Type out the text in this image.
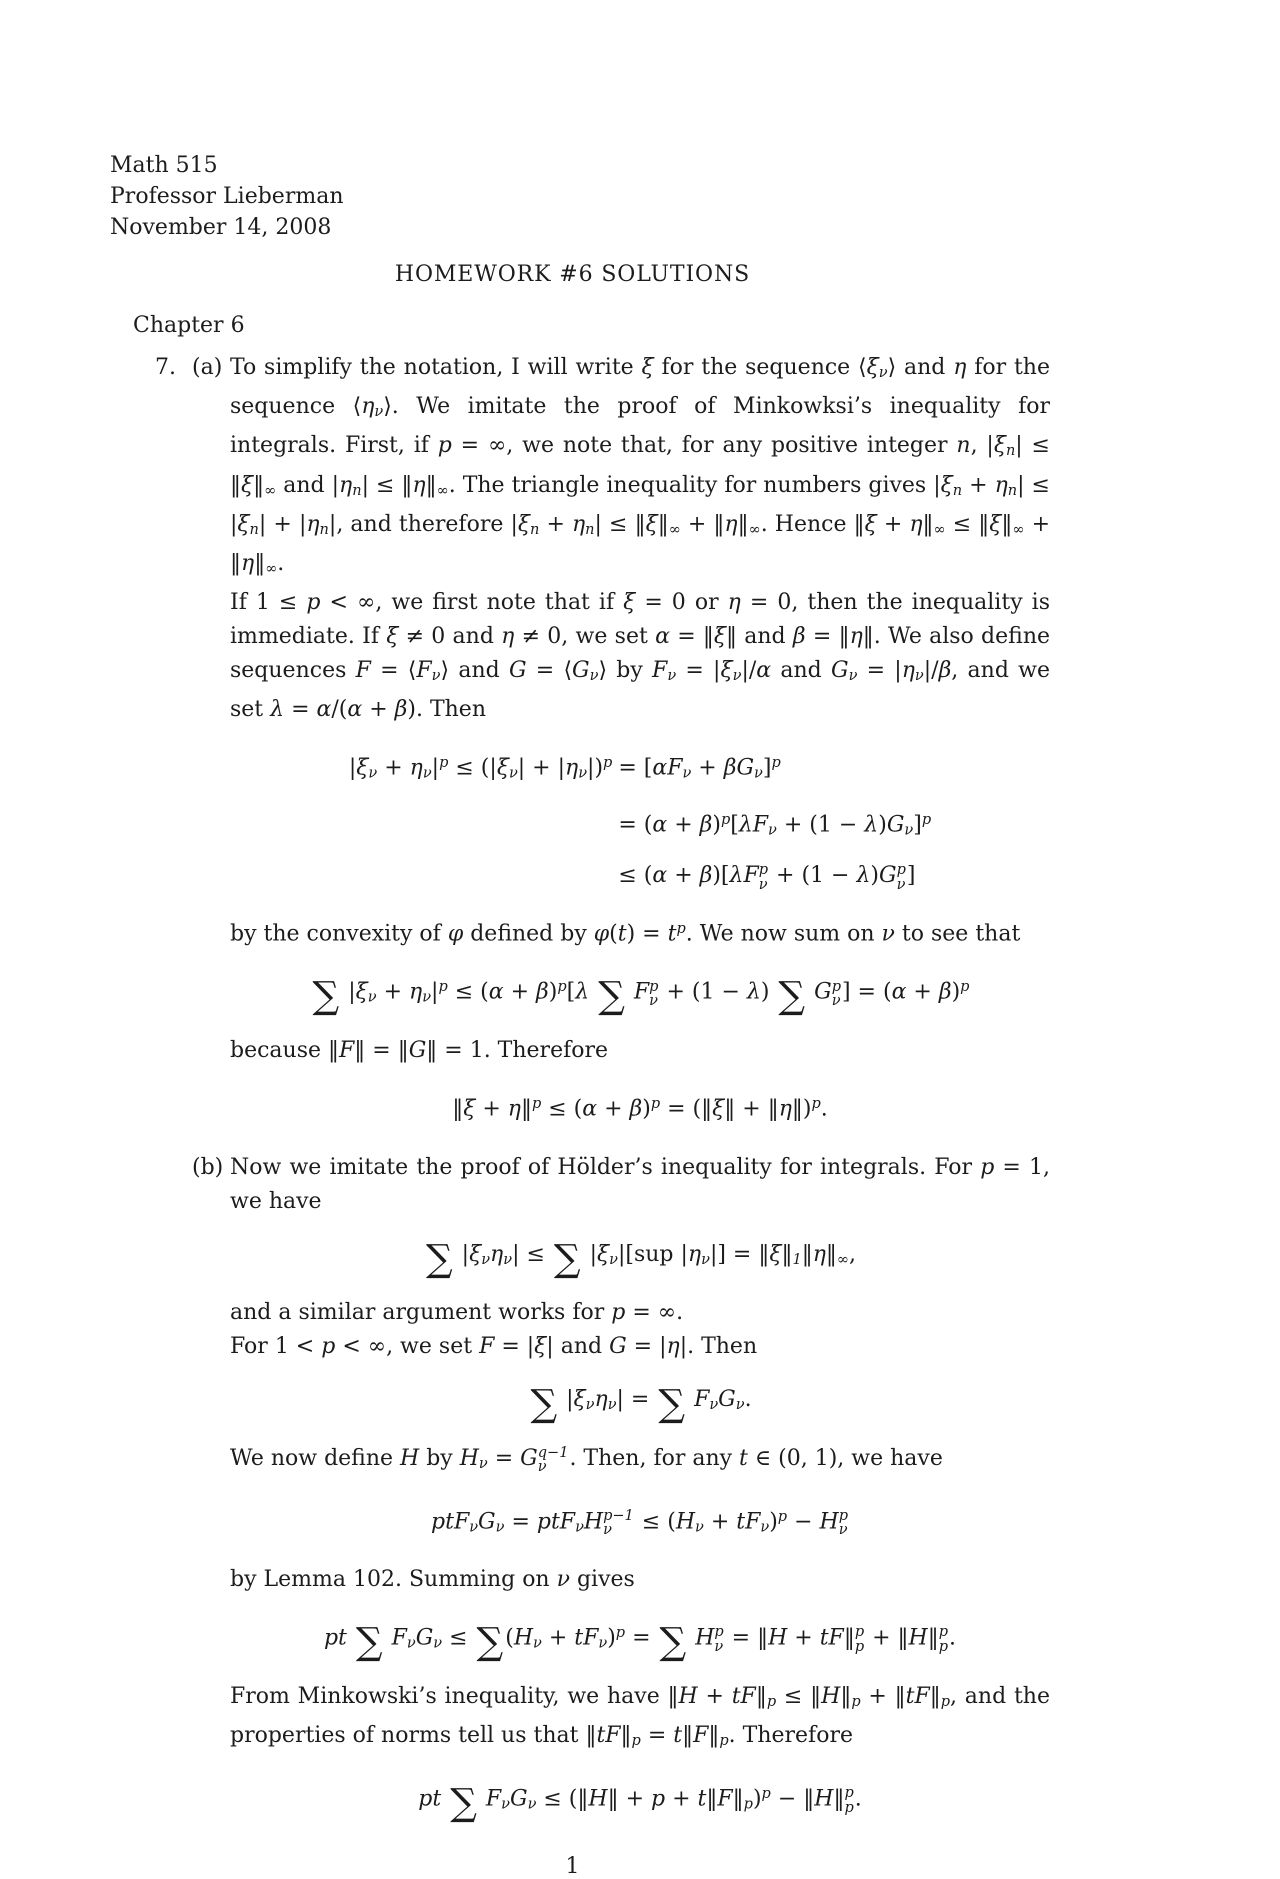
Math 515
Professor Lieberman
November 14, 2008
HOMEWORK #6 SOLUTIONS
Chapter 6
7. (a) To simplify the notation, I will write ξ for the sequence $⟨\xi_\nu⟩$ and η for the sequence $⟨\eta_\nu⟩$. We imitate the proof of Minkowksi’s inequality for integrals. First, if p = ∞, we note that, for any positive integer n, $|\xi_n|$ ≤ $‖\xi‖_\infty$ and $|\eta_n|$ ≤ $‖\eta‖_\infty$. The triangle inequality for numbers gives $|\xi_n + \eta_n| \le |\xi_n| + |\eta_n|$, and therefore $|\xi_n + \eta_n|$ ≤ $‖\xi‖_\infty$ + $‖\eta‖_\infty$. Hence ‖ξ + $\eta‖_\infty$ ≤ $‖\xi‖_\infty$ + $‖\eta‖_\infty$.
If 1 ≤ p < ∞, we first note that if ξ = 0 or η = 0, then the inequality is immediate. If ξ ≠ 0 and η ≠ 0, we set α = ‖ξ‖ and β = ‖η‖. We also define sequences $F = ⟨F_\nu⟩$ and $G = ⟨G_\nu⟩$ by $F_\nu = |\xi_\nu|/\alpha$ and $G_\nu = |\eta_\nu|/\beta$, and we set λ = α/(α + β). Then
$|\xi_\nu + \eta_\nu|^p \le (|\xi_\nu| + |\eta_\nu|)^p = [\alpha F_\nu + \beta G_\nu]^p$
= $(\alpha + \beta)^p[\lambda F_\nu + (1 - \lambda)G_\nu]^p$
≤ (α + β)[λF p
ν + (1 − λ)G p
ν ]
by the convexity of φ defined by $\varphi(t) = t^p$. We now sum on ν to see that
∑ $|\xi_\nu + \eta_\nu|^p \le (\alpha + \beta)^p[\lambda$ ∑ F p
ν + (1 − λ) ∑ G p
ν ] = $(\alpha + \beta)^p$
because ‖F‖ = ‖G‖ = 1. Therefore
‖ξ + η‖$^p$ ≤ $(\alpha + \beta)^p$ = (‖ξ‖ + ‖η‖)$^p$.
(b) Now we imitate the proof of Hölder’s inequality for integrals. For p = 1, we have
∑ $|\xi_\nu\eta_\nu|$ ≤ ∑ $|\xi_\nu|[sup$ $|\eta_\nu|$] = $‖\xi‖_1‖\eta‖_\infty$,
and a similar argument works for p = ∞.
For 1 < p < ∞, we set F = |ξ| and G = |η|. Then
∑ $|\xi_\nu\eta_\nu|$ = ∑ $F_\nu G_\nu$.
We now define H by $H_\nu = G$ q−1
ν . Then, for any t ∈ (0, 1), we have
$ptF_\nu G_\nu = ptF_\nu H$ p−1
$\nu \le (H_\nu + tF_\nu)^p - H$ p
ν
by Lemma 102. Summing on ν gives
pt ∑ $F_\nu G_\nu \le \sum(H_\nu + tF_\nu)^p$ = ∑ H p
ν = ‖H + tF‖ p
p + ‖H‖ p
p .
From Minkowski’s inequality, we have ‖H + $tF‖_p$ ≤ $‖H‖_p$ + $‖tF‖_p$, and the properties of norms tell us that $‖tF‖_p$ = $t‖F‖_p$. Therefore
pt ∑ $F_\nu G_\nu$ ≤ (‖H‖ + $p + t‖F‖_p)^p$ − ‖H‖ p
p .
1
